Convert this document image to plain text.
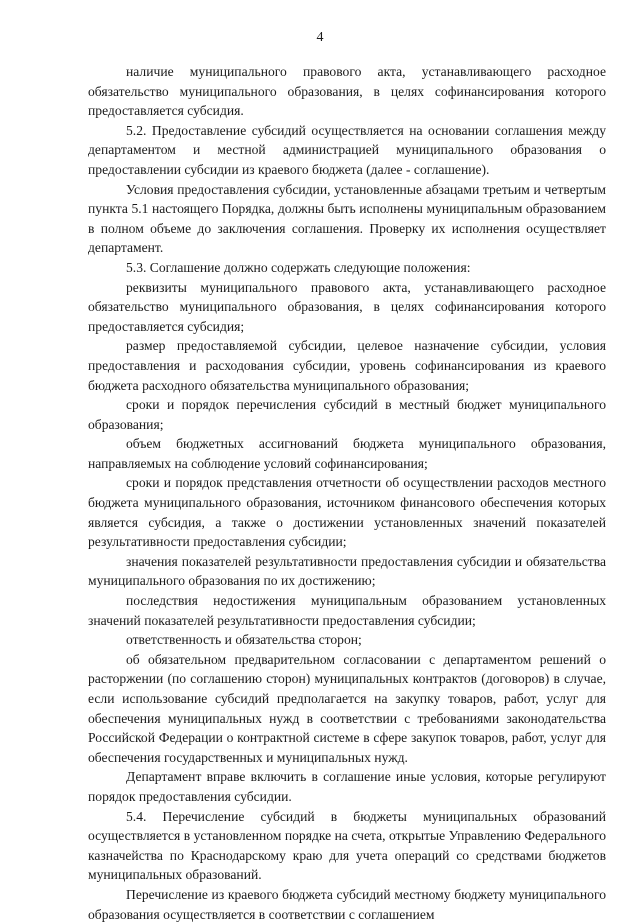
4

наличие муниципального правового акта, устанавливающего расходное обязательство муниципального образования, в целях софинансирования которого предоставляется субсидия.

5.2. Предоставление субсидий осуществляется на основании соглашения между департаментом и местной администрацией муниципального образования о предоставлении субсидии из краевого бюджета (далее - соглашение).

Условия предоставления субсидии, установленные абзацами третьим и четвертым пункта 5.1 настоящего Порядка, должны быть исполнены муниципальным образованием в полном объеме до заключения соглашения. Проверку их исполнения осуществляет департамент.

5.3. Соглашение должно содержать следующие положения:

реквизиты муниципального правового акта, устанавливающего расходное обязательство муниципального образования, в целях софинансирования которого предоставляется субсидия;

размер предоставляемой субсидии, целевое назначение субсидии, условия предоставления и расходования субсидии, уровень софинансирования из краевого бюджета расходного обязательства муниципального образования;

сроки и порядок перечисления субсидий в местный бюджет муниципального образования;

объем бюджетных ассигнований бюджета муниципального образования, направляемых на соблюдение условий софинансирования;

сроки и порядок представления отчетности об осуществлении расходов местного бюджета муниципального образования, источником финансового обеспечения которых является субсидия, а также о достижении установленных значений показателей результативности предоставления субсидии;

значения показателей результативности предоставления субсидии и обязательства муниципального образования по их достижению;

последствия недостижения муниципальным образованием установленных значений показателей результативности предоставления субсидии;

ответственность и обязательства сторон;

об обязательном предварительном согласовании с департаментом решений о расторжении (по соглашению сторон) муниципальных контрактов (договоров) в случае, если использование субсидий предполагается на закупку товаров, работ, услуг для обеспечения муниципальных нужд в соответствии с требованиями законодательства Российской Федерации о контрактной системе в сфере закупок товаров, работ, услуг для обеспечения государственных и муниципальных нужд.

Департамент вправе включить в соглашение иные условия, которые регулируют порядок предоставления субсидии.

5.4. Перечисление субсидий в бюджеты муниципальных образований осуществляется в установленном порядке на счета, открытые Управлению Федерального казначейства по Краснодарскому краю для учета операций со средствами бюджетов муниципальных образований.

Перечисление из краевого бюджета субсидий местному бюджету муниципального образования осуществляется в соответствии с соглашением
